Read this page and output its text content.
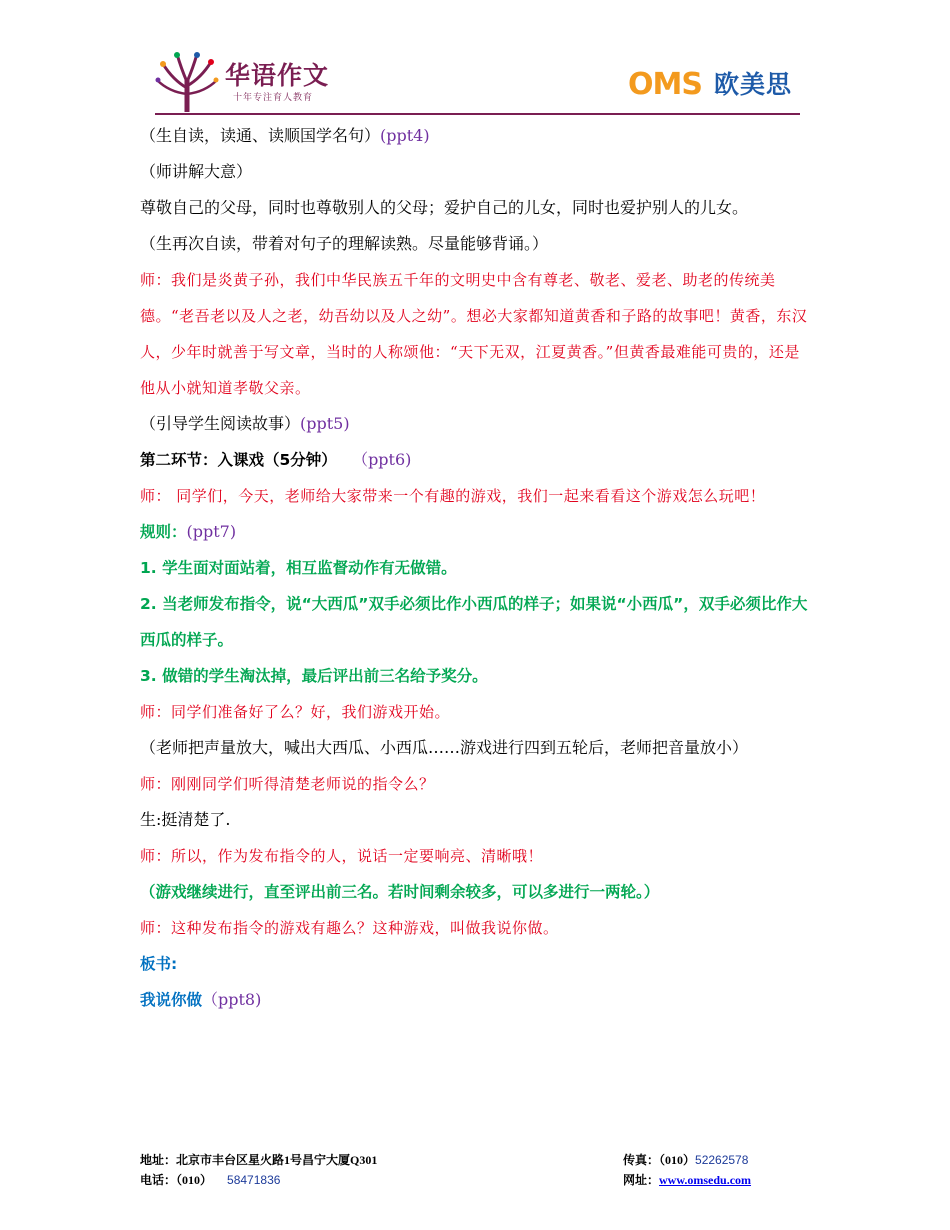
华语作文
十年专注育人教育	OMS 欧美思
（生自读，读通、读顺国学名句）(ppt4)
（师讲解大意）
尊敬自己的父母，同时也尊敬别人的父母；爱护自己的儿女，同时也爱护别人的儿女。
（生再次自读，带着对句子的理解读熟。尽量能够背诵。）
师：我们是炎黄子孙，我们中华民族五千年的文明史中含有尊老、敬老、爱老、助老的传统美德。“老吾老以及人之老，幼吾幼以及人之幼”。想必大家都知道黄香和子路的故事吧！黄香，东汉人，少年时就善于写文章，当时的人称颂他：“天下无双，江夏黄香。”但黄香最难能可贵的，还是他从小就知道孝敬父亲。
（引导学生阅读故事）(ppt5)
第二环节：入课戏（5分钟） （ppt6)
师： 同学们，今天，老师给大家带来一个有趣的游戏，我们一起来看看这个游戏怎么玩吧！
规则：(ppt7)
1. 学生面对面站着，相互监督动作有无做错。
2. 当老师发布指令，说“大西瓜”双手必须比作小西瓜的样子；如果说“小西瓜”，双手必须比作大西瓜的样子。
3. 做错的学生淘汰掉，最后评出前三名给予奖分。
师：同学们准备好了么？好，我们游戏开始。
（老师把声量放大，喊出大西瓜、小西瓜……游戏进行四到五轮后，老师把音量放小）
师：刚刚同学们听得清楚老师说的指令么？
生:挺清楚了.
师：所以，作为发布指令的人，说话一定要响亮、清晰哦！
（游戏继续进行，直至评出前三名。若时间剩余较多，可以多进行一两轮。）
师：这种发布指令的游戏有趣么？这种游戏，叫做我说你做。
板书:
我说你做（ppt8)
地址：北京市丰台区星火路1号昌宁大厦Q301	传真：（010）52262578
电话：（010） 58471836	网址：www.omsedu.com
